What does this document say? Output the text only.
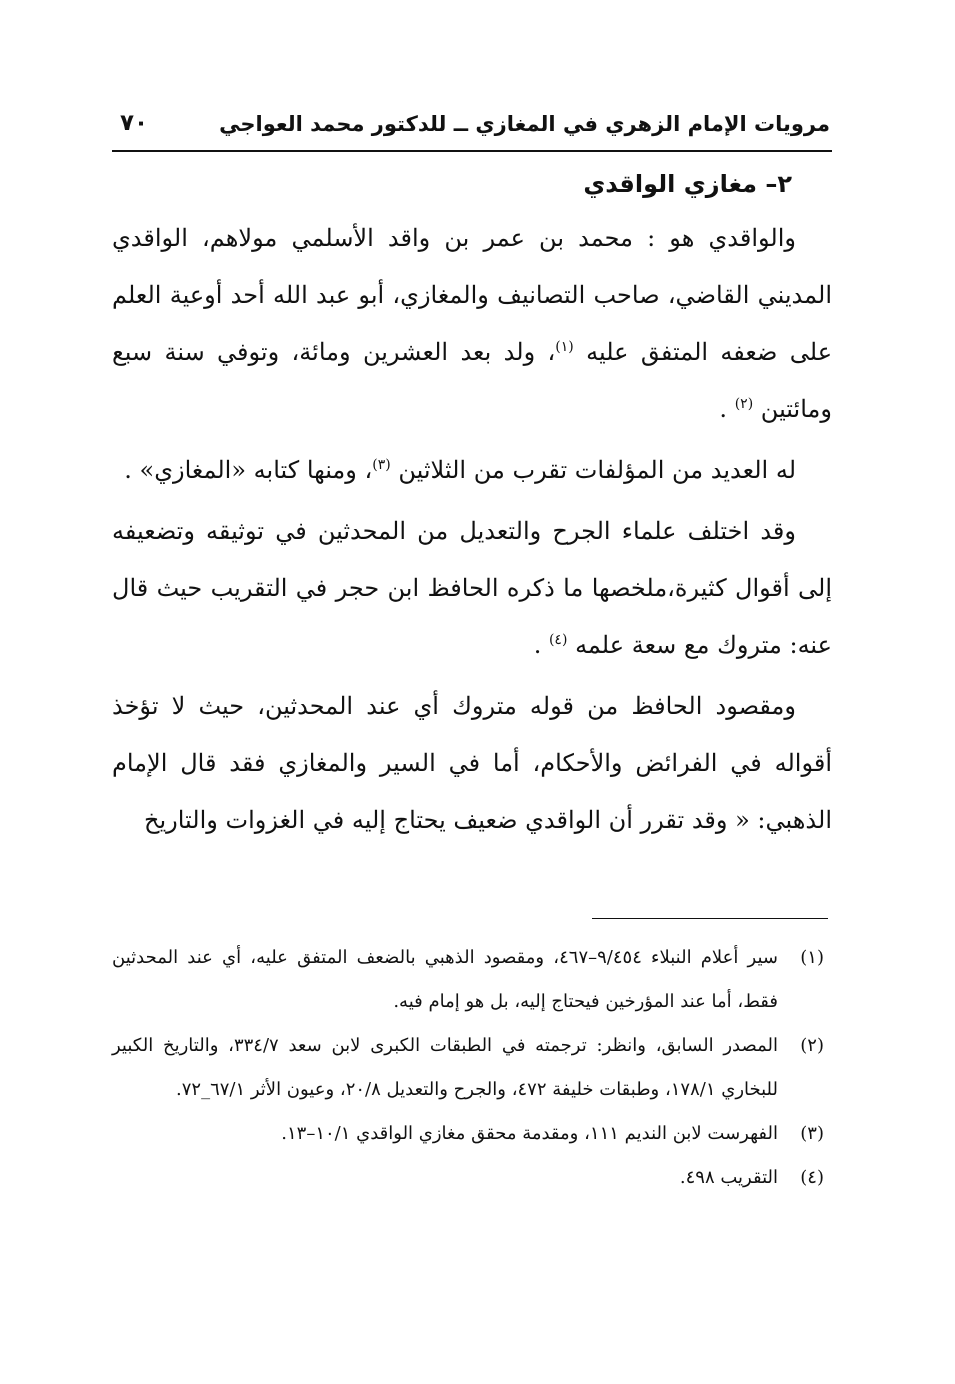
مرويات الإمام الزهري في المغازي ــ للدكتور محمد العواجي
٧٠
٢– مغازي الواقدي

والواقدي هو : محمد بن عمر بن واقد الأسلمي مولاهم، الواقدي المديني القاضي، صاحب التصانيف والمغازي، أبو عبد الله أحد أوعية العلم على ضعفه المتفق عليه $^{(١)}$، ولد بعد العشرين ومائة، وتوفي سنة سبع ومائتين $^{(٢)}$ .

له العديد من المؤلفات تقرب من الثلاثين $^{(٣)}$، ومنها كتابه «المغازي» .

وقد اختلف علماء الجرح والتعديل من المحدثين في توثيقه وتضعيفه إلى أقوال كثيرة،ملخصها ما ذكره الحافظ ابن حجر في التقريب حيث قال عنه: متروك مع سعة علمه $^{(٤)}$ .

ومقصود الحافظ من قوله متروك أي عند المحدثين، حيث لا تؤخذ أقواله في الفرائض والأحكام، أما في السير والمغازي فقد قال الإمام الذهبي: « وقد تقرر أن الواقدي ضعيف يحتاج إليه في الغزوات والتاريخ

(١)
سير أعلام النبلاء ٩/٤٥٤–٤٦٧، ومقصود الذهبي بالضعف المتفق عليه، أي عند المحدثين فقط، أما عند المؤرخين فيحتاج إليه، بل هو إمام فيه.

(٢)
المصدر السابق، وانظر: ترجمته في الطبقات الكبرى لابن سعد ٣٣٤/٧، والتاريخ الكبير للبخاري ١٧٨/١، وطبقات خليفة ٤٧٢، والجرح والتعديل ٢٠/٨، وعيون الأثر ٦٧/١_٧٢.

(٣)
الفهرست لابن النديم ١١١، ومقدمة محقق مغازي الواقدي ١٠/١–١٣.

(٤)
التقريب ٤٩٨.
